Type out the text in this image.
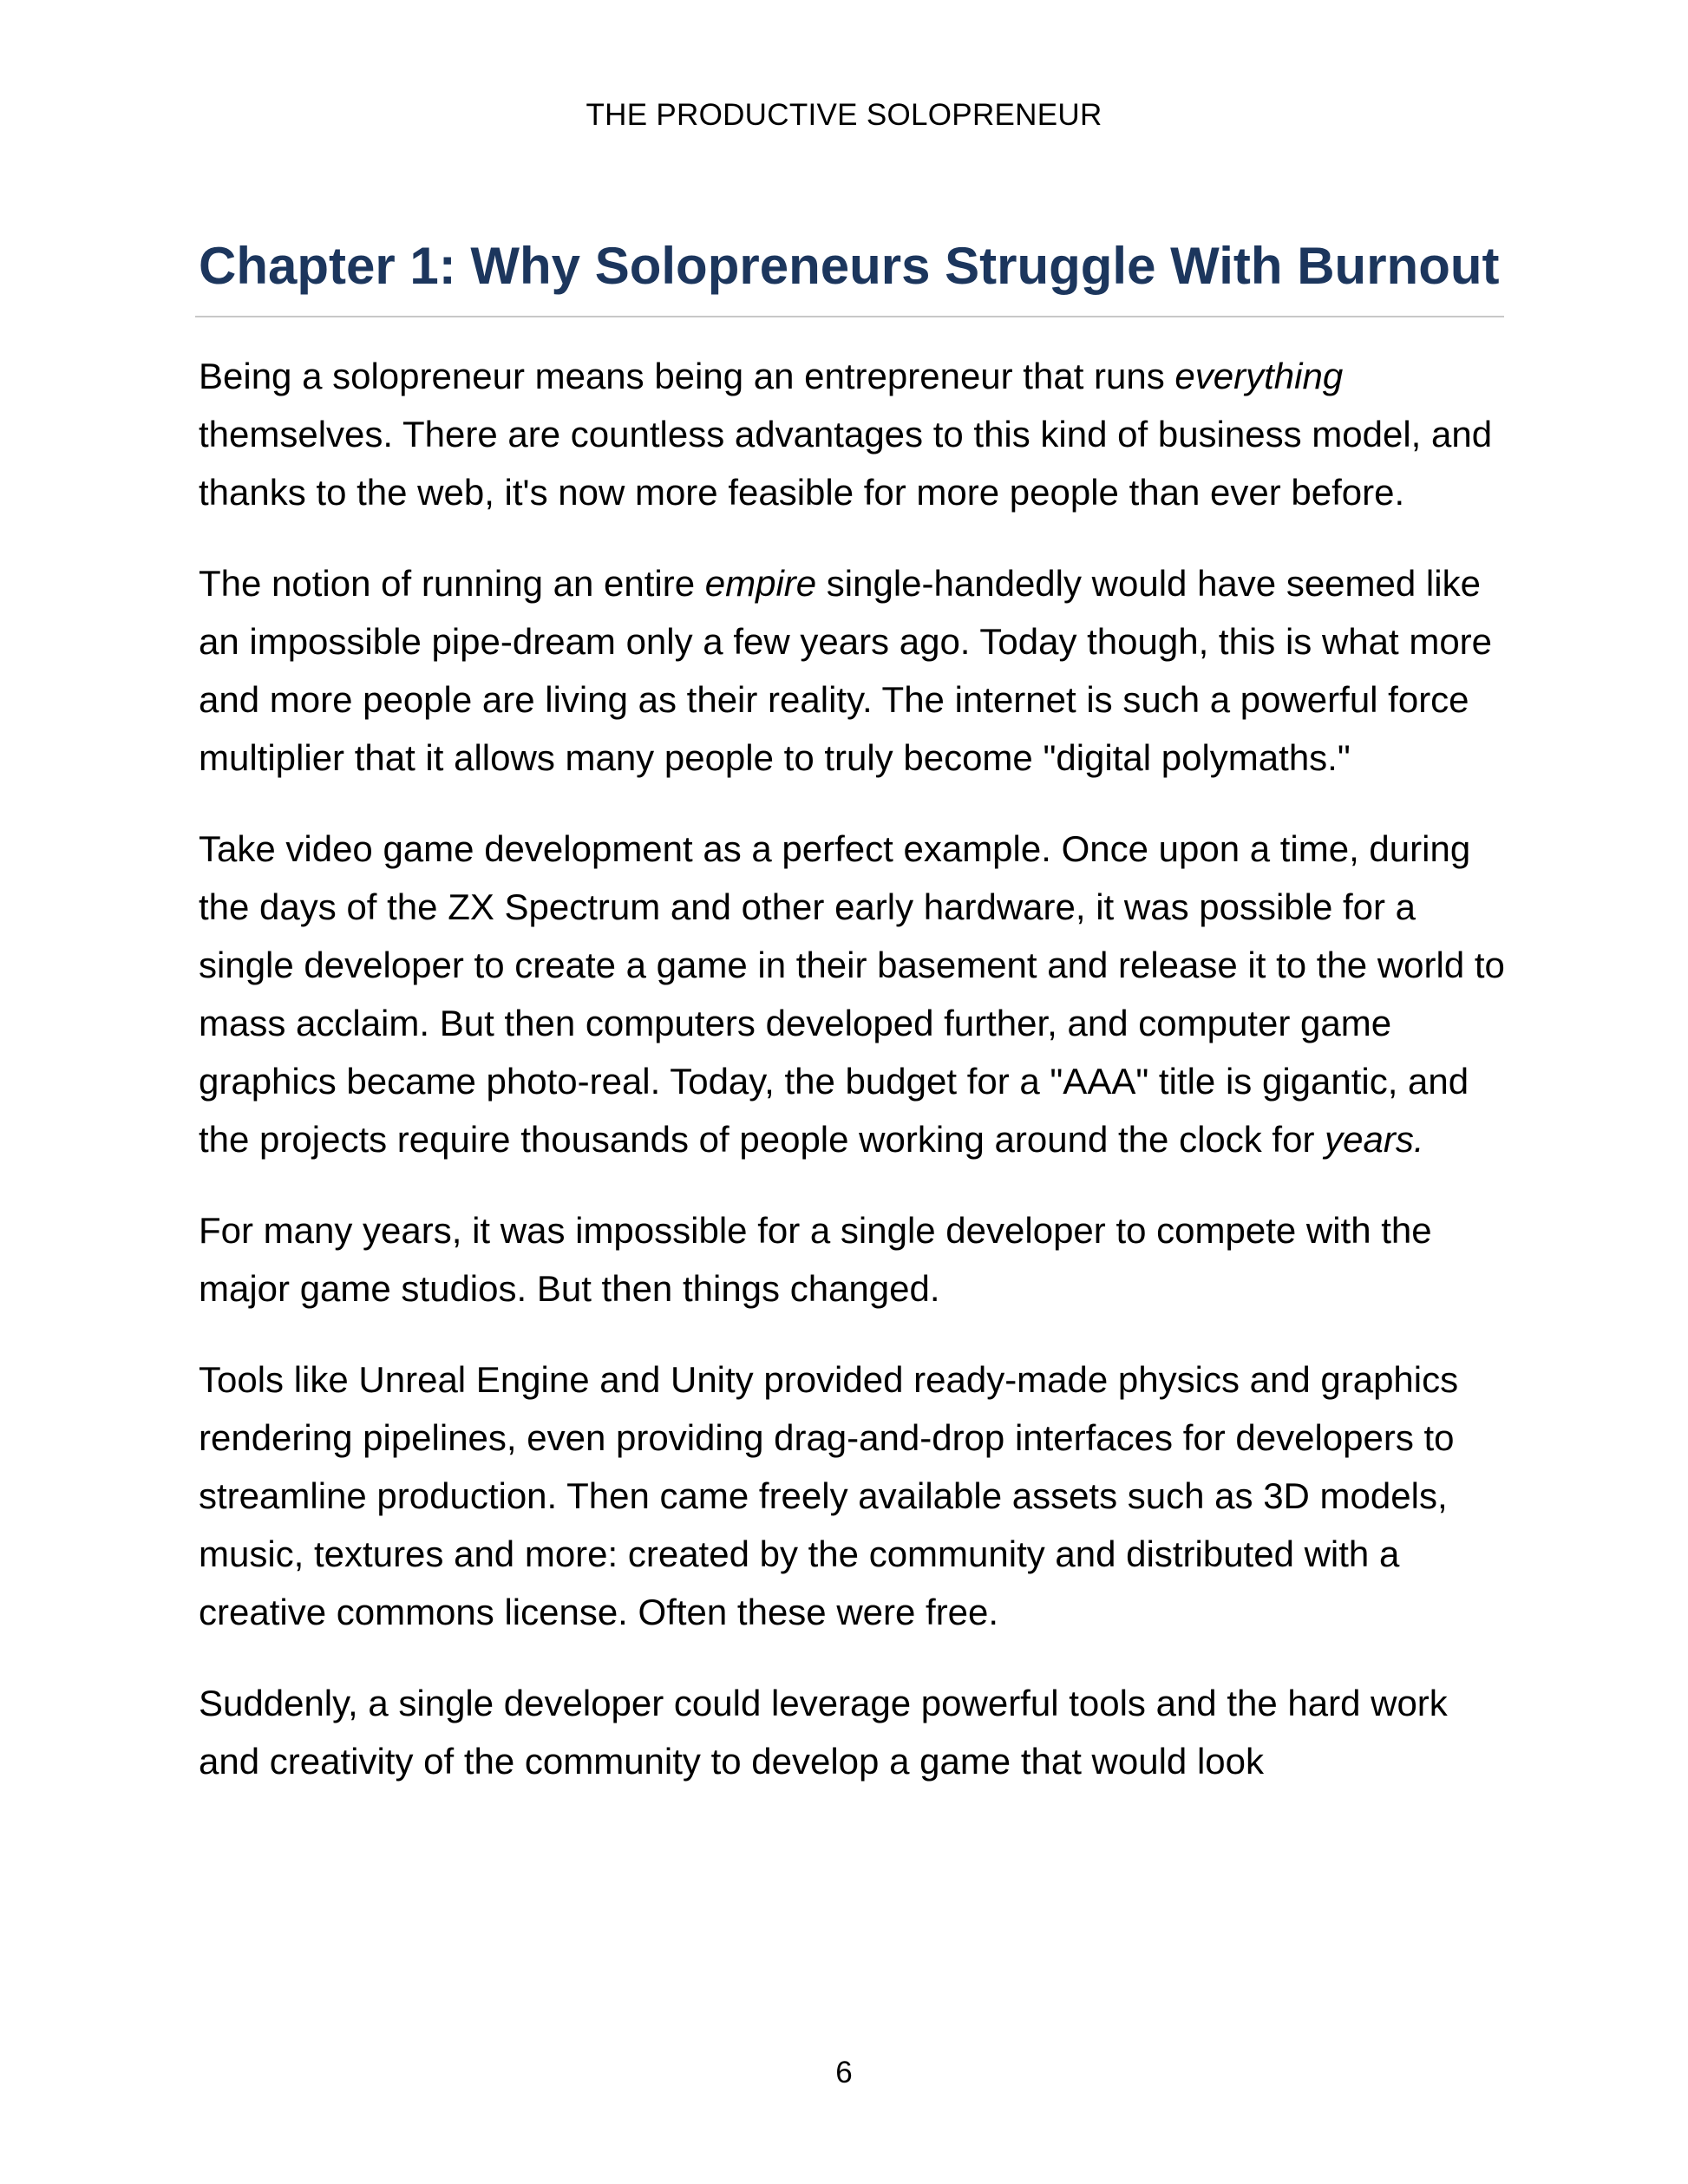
THE PRODUCTIVE SOLOPRENEUR
Chapter 1: Why Solopreneurs Struggle With Burnout

Being a solopreneur means being an entrepreneur that runs everything themselves. There are countless advantages to this kind of business model, and thanks to the web, it's now more feasible for more people than ever before.

The notion of running an entire empire single-handedly would have seemed like an impossible pipe-dream only a few years ago. Today though, this is what more and more people are living as their reality. The internet is such a powerful force multiplier that it allows many people to truly become "digital polymaths."

Take video game development as a perfect example. Once upon a time, during the days of the ZX Spectrum and other early hardware, it was possible for a single developer to create a game in their basement and release it to the world to mass acclaim. But then computers developed further, and computer game graphics became photo-real. Today, the budget for a "AAA" title is gigantic, and the projects require thousands of people working around the clock for years.

For many years, it was impossible for a single developer to compete with the major game studios. But then things changed.

Tools like Unreal Engine and Unity provided ready-made physics and graphics rendering pipelines, even providing drag-and-drop interfaces for developers to streamline production. Then came freely available assets such as 3D models, music, textures and more: created by the community and distributed with a creative commons license. Often these were free.

Suddenly, a single developer could leverage powerful tools and the hard work and creativity of the community to develop a game that would look

6
